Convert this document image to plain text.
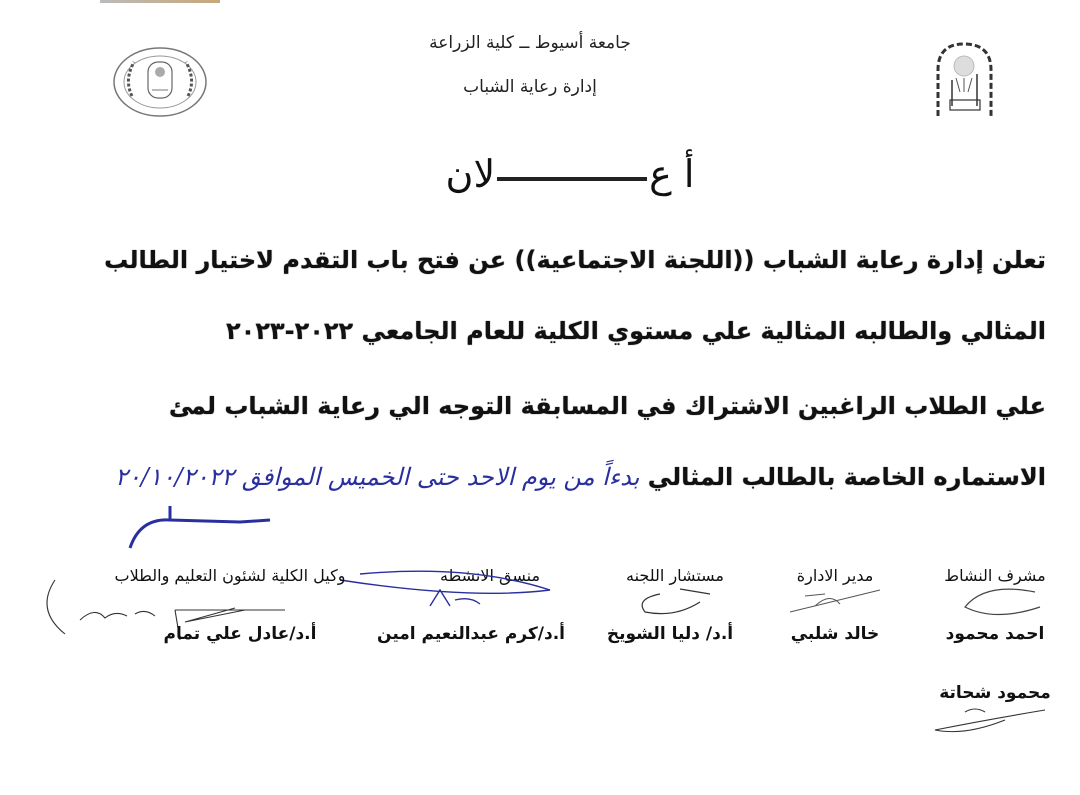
جامعة أسيوط ــ كلية الزراعة
إدارة رعاية الشباب
أ علان
تعلن إدارة رعاية الشباب ((اللجنة الاجتماعية)) عن فتح باب التقدم لاختيار الطالب
المثالي والطالبه المثالية علي مستوي الكلية للعام الجامعي ٢٠٢٢-٢٠٢٣
علي الطلاب الراغبين الاشتراك في المسابقة التوجه الي رعاية الشباب لمئ
الاستماره الخاصة بالطالب المثالي بدءاً من يوم الاحد حتى الخميس الموافق ٢٠/١٠/٢٠٢٢
مشرف النشاط
احمد محمود
مدير الادارة
خالد شلبي
مستشار اللجنه
أ.د/ دليا الشويخ
منسق الانشطه
أ.د/كرم عبدالنعيم امين
وكيل الكلية لشئون التعليم والطلاب
أ.د/عادل علي تمام
محمود شحاتة
